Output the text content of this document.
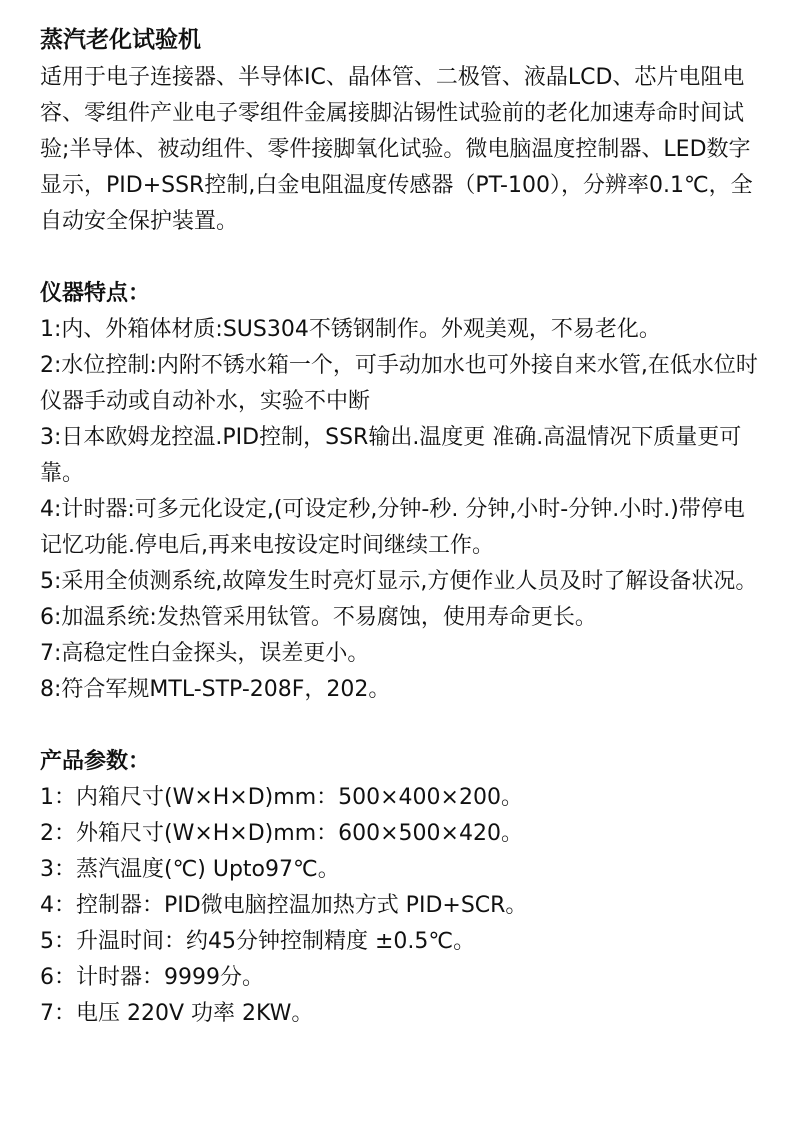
蒸汽老化试验机

适用于电子连接器、半导体IC、晶体管、二极管、液晶LCD、芯片电阻电容、零组件产业电子零组件金属接脚沾锡性试验前的老化加速寿命时间试验;半导体、被动组件、零件接脚氧化试验。微电脑温度控制器、LED数字显示，PID+SSR控制,白金电阻温度传感器（PT-100），分辨率0.1℃，全自动安全保护装置。

仪器特点：
1:内、外箱体材质:SUS304不锈钢制作。外观美观，不易老化。
2:水位控制:内附不锈水箱一个，可手动加水也可外接自来水管,在低水位时仪器手动或自动补水，实验不中断
3:日本欧姆龙控温.PID控制，SSR输出.温度更 准确.高温情况下质量更可靠。
4:计时器:可多元化设定,(可设定秒,分钟-秒. 分钟,小时-分钟.小时.)带停电记忆功能.停电后,再来电按设定时间继续工作。
5:采用全侦测系统,故障发生时亮灯显示,方便作业人员及时了解设备状况。
6:加温系统:发热管采用钛管。不易腐蚀，使用寿命更长。
7:高稳定性白金探头，误差更小。
8:符合军规MTL-STP-208F，202。
产品参数：
1：内箱尺寸(W×H×D)mm：500×400×200。
2：外箱尺寸(W×H×D)mm：600×500×420。
3：蒸汽温度(℃) Upto97℃。
4：控制器：PID微电脑控温加热方式 PID+SCR。
5：升温时间：约45分钟控制精度 ±0.5℃。
6：计时器：9999分。
7：电压 220V 功率 2KW。
